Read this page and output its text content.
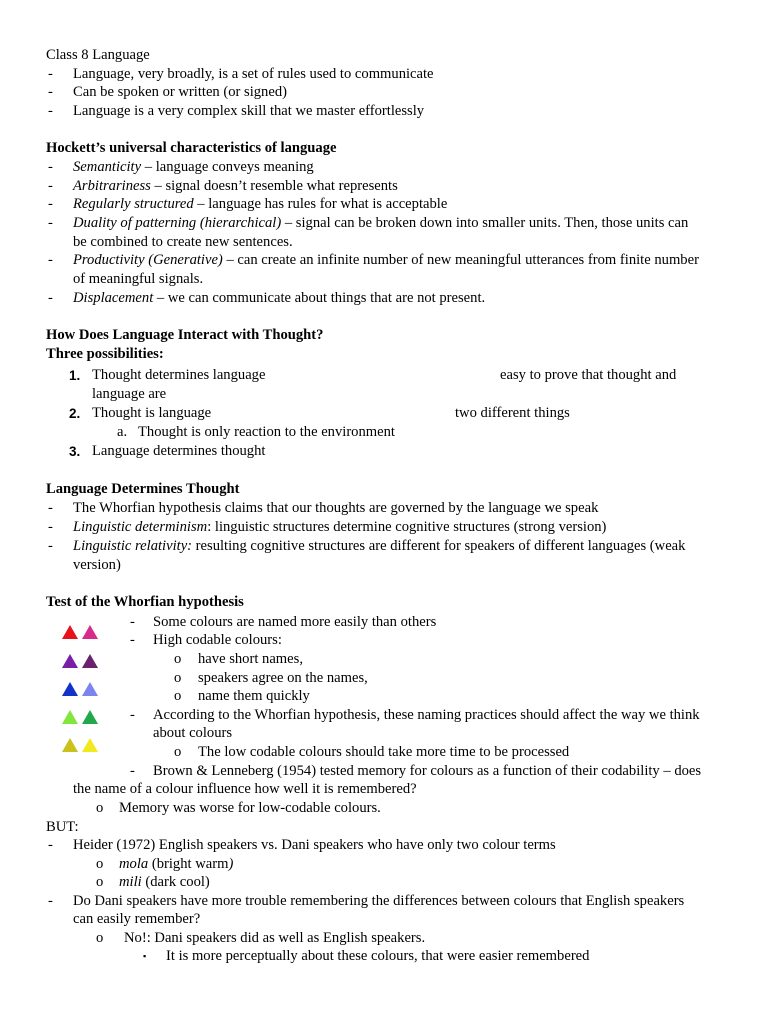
Class 8 Language
- Language, very broadly, is a set of rules used to communicate
- Can be spoken or written (or signed)
- Language is a very complex skill that we master effortlessly
Hockett’s universal characteristics of language
- Semanticity – language conveys meaning
- Arbitrariness – signal doesn’t resemble what represents
- Regularly structured – language has rules for what is acceptable
- Duality of patterning (hierarchical) – signal can be broken down into smaller units. Then, those units can
be combined to create new sentences.
- Productivity (Generative) – can create an infinite number of new meaningful utterances from finite number
of meaningful signals.
- Displacement – we can communicate about things that are not present.
How Does Language Interact with Thought?
Three possibilities:
1. Thought determines language	easy to prove that thought and
language are
2. Thought is language	two different things
a. Thought is only reaction to the environment
3. Language determines thought
Language Determines Thought
- The Whorfian hypothesis claims that our thoughts are governed by the language we speak
- Linguistic determinism: linguistic structures determine cognitive structures (strong version)
- Linguistic relativity: resulting cognitive structures are different for speakers of different languages (weak
version)
Test of the Whorfian hypothesis
- Some colours are named more easily than others
- High codable colours:
o have short names,
o speakers agree on the names,
o name them quickly
- According to the Whorfian hypothesis, these naming practices should affect the way we think
about colours
o The low codable colours should take more time to be processed
- Brown & Lenneberg (1954) tested memory for colours as a function of their codability – does
the name of a colour influence how well it is remembered?
o Memory was worse for low-codable colours.
BUT:
- Heider (1972) English speakers vs. Dani speakers who have only two colour terms
o mola (bright warm)
o mili (dark cool)
- Do Dani speakers have more trouble remembering the differences between colours that English speakers
can easily remember?
o No!: Dani speakers did as well as English speakers.
▪ It is more perceptually about these colours, that were easier remembered
